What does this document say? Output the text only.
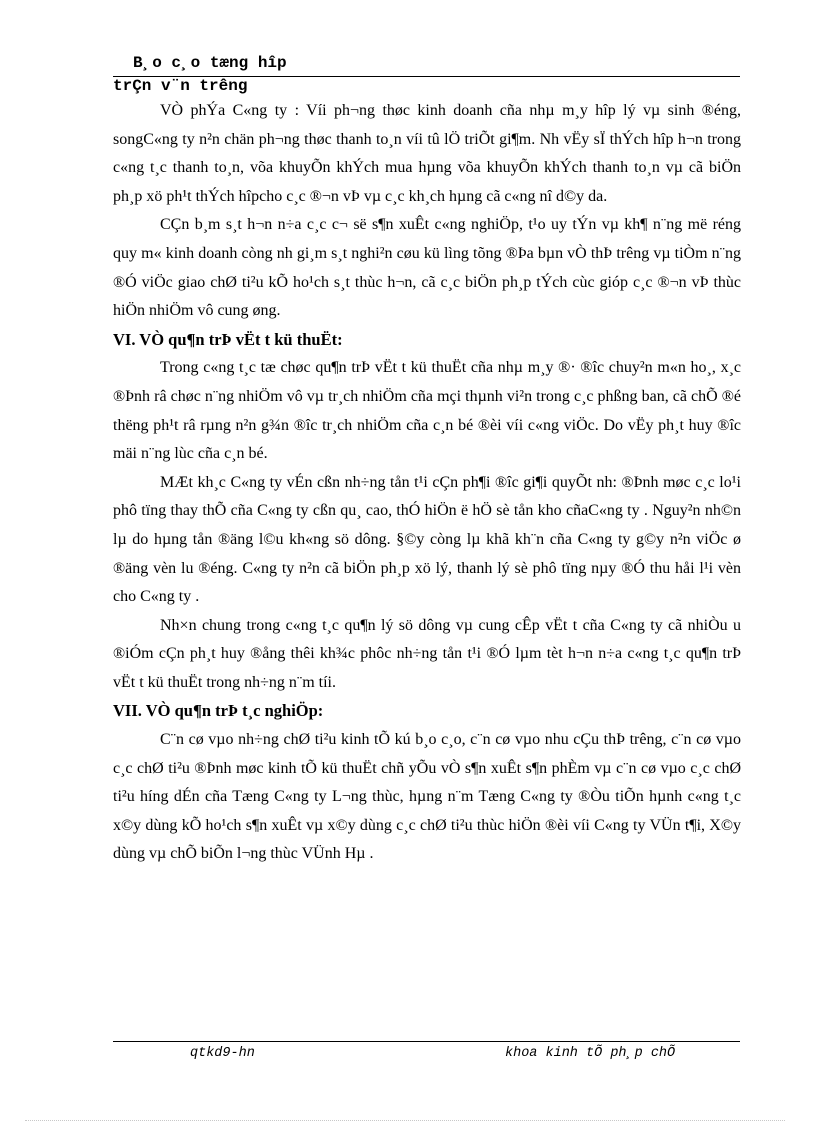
B¸o c¸o tæng hîp
trÇn v¨n trêng

VÒ phÝa C«ng ty : Víi ph¬ng thøc kinh doanh cña nhµ m¸y hîp lý vµ sinh ®éng, songC«ng ty n²n chän ph¬ng thøc thanh to¸n víi tû lÖ triÕt gi¶m. Nh vËy sÏ thÝch hîp h¬n trong c«ng t¸c thanh to¸n, võa khuyÕn khÝch mua hµng võa khuyÕn khÝch thanh to¸n vµ cã biÖn ph¸p xö ph¹t thÝch hîpcho c¸c ®¬n vÞ vµ c¸c kh¸ch hµng cã c«ng nî d©y da.

CÇn b¸m s¸t h¬n n÷a c¸c c¬ së s¶n xuÊt c«ng nghiÖp, t¹o uy tÝn vµ kh¶ n¨ng më réng quy m« kinh doanh còng nh gi¸m s¸t nghi²n cøu kü lìng tõng ®Þa bµn vÒ thÞ trêng vµ tiÒm n¨ng ®Ó viÖc giao chØ ti²u kÕ ho¹ch s¸t thùc h¬n, cã c¸c biÖn ph¸p tÝch cùc gióp c¸c ®¬n vÞ thùc hiÖn nhiÖm vô cung øng.

VI. VÒ qu¶n trÞ vËt t kü thuËt:

Trong c«ng t¸c tæ chøc qu¶n trÞ vËt t kü thuËt cña nhµ m¸y ®· ®îc chuy²n m«n ho¸, x¸c ®Þnh râ chøc n¨ng nhiÖm vô vµ tr¸ch nhiÖm cña mçi thµnh vi²n trong c¸c phßng ban, cã chÕ ®é thëng ph¹t râ rµng n²n g¾n ®îc tr¸ch nhiÖm cña c¸n bé ®èi víi c«ng viÖc. Do vËy ph¸t huy ®îc mäi n¨ng lùc cña c¸n bé.

MÆt kh¸c C«ng ty vÉn cßn nh÷ng tån t¹i cÇn ph¶i ®îc gi¶i quyÕt nh: ®Þnh møc c¸c lo¹i phô tïng thay thÕ cña C«ng ty cßn qu¸ cao, thÓ hiÖn ë hÖ sè tån kho cñaC«ng ty . Nguy²n nh©n lµ do hµng tån ®äng l©u kh«ng sö dông. §©y còng lµ khã kh¨n cña C«ng ty g©y n²n viÖc ø ®äng vèn lu ®éng. C«ng ty n²n cã biÖn ph¸p xö lý, thanh lý sè phô tïng nµy ®Ó thu håi l¹i vèn cho C«ng ty .

Nh×n chung trong c«ng t¸c qu¶n lý sö dông vµ cung cÊp vËt t cña C«ng ty cã nhiÒu u ®iÓm cÇn ph¸t huy ®ång thêi kh¾c phôc nh÷ng tån t¹i ®Ó lµm tèt h¬n n÷a c«ng t¸c qu¶n trÞ vËt t kü thuËt trong nh÷ng n¨m tíi.

VII. VÒ qu¶n trÞ t¸c nghiÖp:

C¨n cø vµo nh÷ng chØ ti²u kinh tÕ kú b¸o c¸o, c¨n cø vµo nhu cÇu thÞ trêng, c¨n cø vµo c¸c chØ ti²u ®Þnh møc kinh tÕ kü thuËt chñ yÕu vÒ s¶n xuÊt s¶n phÈm vµ c¨n cø vµo c¸c chØ ti²u híng dÉn cña Tæng C«ng ty L¬ng thùc, hµng n¨m Tæng C«ng ty ®Òu tiÕn hµnh c«ng t¸c x©y dùng kÕ ho¹ch s¶n xuÊt vµ x©y dùng c¸c chØ ti²u thùc hiÖn ®èi víi C«ng ty VÜn t¶i, X©y dùng vµ chÕ biÕn l¬ng thùc VÜnh Hµ .

qtkd9-hn	khoa kinh tÕ ph¸p chÕ
